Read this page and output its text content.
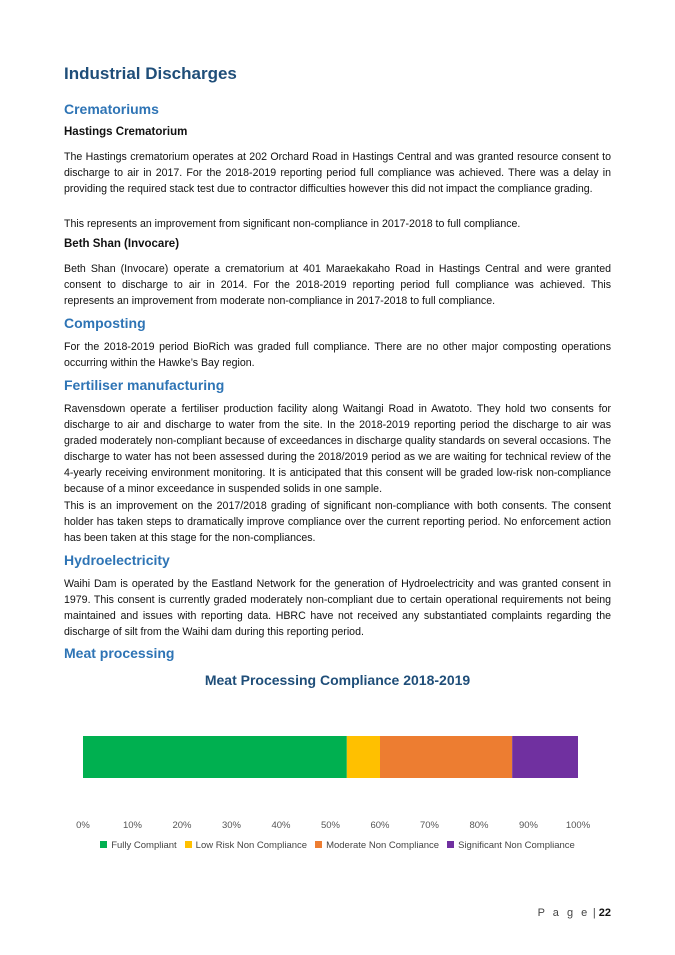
Industrial Discharges
Crematoriums
Hastings Crematorium

The Hastings crematorium operates at 202 Orchard Road in Hastings Central and was granted resource consent to discharge to air in 2017. For the 2018-2019 reporting period full compliance was achieved. There was a delay in providing the required stack test due to contractor difficulties however this did not impact the compliance grading.

This represents an improvement from significant non-compliance in 2017-2018 to full compliance.

Beth Shan (Invocare)

Beth Shan (Invocare) operate a crematorium at 401 Maraekakaho Road in Hastings Central and were granted consent to discharge to air in 2014. For the 2018-2019 reporting period full compliance was achieved. This represents an improvement from moderate non-compliance in 2017-2018 to full compliance.

Composting

For the 2018-2019 period BioRich was graded full compliance. There are no other major composting operations occurring within the Hawke’s Bay region.

Fertiliser manufacturing

Ravensdown operate a fertiliser production facility along Waitangi Road in Awatoto. They hold two consents for discharge to air and discharge to water from the site. In the 2018-2019 reporting period the discharge to air was graded moderately non-compliant because of exceedances in discharge quality standards on several occasions. The discharge to water has not been assessed during the 2018/2019 period as we are waiting for technical review of the 4-yearly receiving environment monitoring. It is anticipated that this consent will be graded low-risk non-compliance because of a minor exceedance in suspended solids in one sample.

This is an improvement on the 2017/2018 grading of significant non-compliance with both consents. The consent holder has taken steps to dramatically improve compliance over the current reporting period. No enforcement action has been taken at this stage for the non-compliances.

Hydroelectricity

Waihi Dam is operated by the Eastland Network for the generation of Hydroelectricity and was granted consent in 1979. This consent is currently graded moderately non-compliant due to certain operational requirements not being maintained and issues with reporting data. HBRC have not received any substantiated complaints regarding the discharge of silt from the Waihi dam during this reporting period.

Meat processing
Meat Processing Compliance 2018-2019
0%	10%	20%	30%	40%	50%	60%	70%	80%	90%	100%
Fully Compliant Low Risk Non Compliance Moderate Non Compliance Significant Non Compliance
P a g e | 22
